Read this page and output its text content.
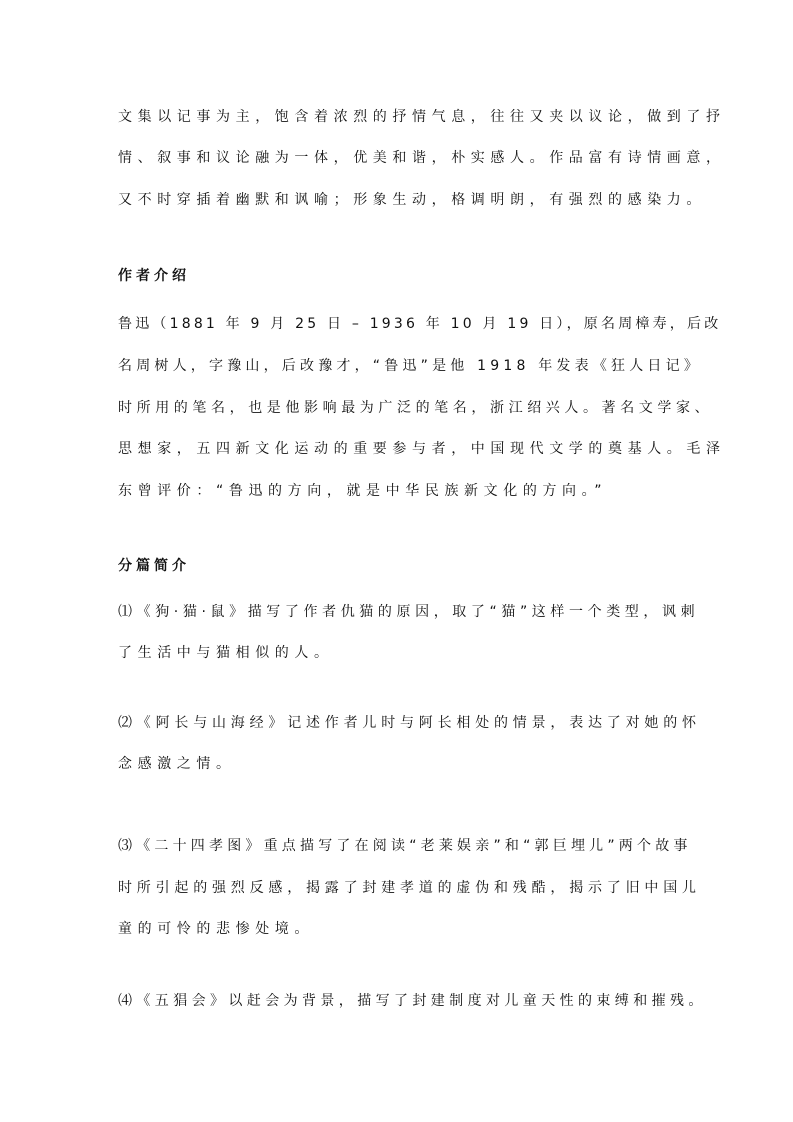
文集以记事为主，饱含着浓烈的抒情气息，往往又夹以议论，做到了抒
情、叙事和议论融为一体，优美和谐，朴实感人。作品富有诗情画意，
又不时穿插着幽默和讽喻；形象生动，格调明朗，有强烈的感染力。
作者介绍
鲁迅（1881 年 9 月 25 日 – 1936 年 10 月 19 日），原名周樟寿，后改
名周树人，字豫山，后改豫才，“鲁迅”是他 1918 年发表《狂人日记》
时所用的笔名，也是他影响最为广泛的笔名，浙江绍兴人。著名文学家、
思想家，五四新文化运动的重要参与者，中国现代文学的奠基人。毛泽
东曾评价：“鲁迅的方向，就是中华民族新文化的方向。”
分篇简介
⑴《狗·猫·鼠》描写了作者仇猫的原因，取了“猫”这样一个类型，讽刺
了生活中与猫相似的人。
⑵《阿长与山海经》记述作者儿时与阿长相处的情景，表达了对她的怀
念感激之情。
⑶《二十四孝图》重点描写了在阅读“老莱娱亲”和“郭巨埋儿”两个故事
时所引起的强烈反感，揭露了封建孝道的虚伪和残酷，揭示了旧中国儿
童的可怜的悲惨处境。
⑷《五猖会》以赶会为背景，描写了封建制度对儿童天性的束缚和摧残。
